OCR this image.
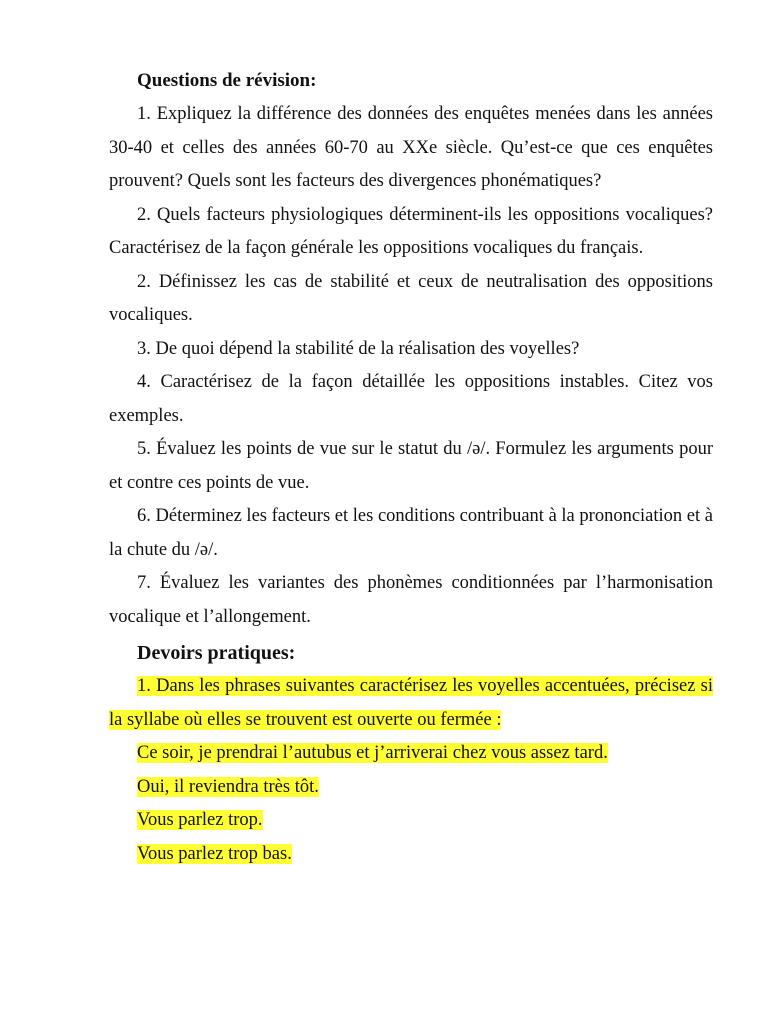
Questions de révision:

1. Expliquez la différence des données des enquêtes menées dans les années 30-40 et celles des années 60-70 au XXe siècle. Qu’est-ce que ces enquêtes prouvent? Quels sont les facteurs des divergences phonématiques?

2. Quels facteurs physiologiques déterminent-ils les oppositions vocaliques? Caractérisez de la façon générale les oppositions vocaliques du français.

2. Définissez les cas de stabilité et ceux de neutralisation des oppositions vocaliques.

3. De quoi dépend la stabilité de la réalisation des voyelles?

4. Caractérisez de la façon détaillée les oppositions instables. Citez vos exemples.

5. Évaluez les points de vue sur le statut du /ə/. Formulez les arguments pour et contre ces points de vue.

6. Déterminez les facteurs et les conditions contribuant à la prononciation et à la chute du /ə/.

7. Évaluez les variantes des phonèmes conditionnées par l’harmonisation vocalique et l’allongement.

Devoirs pratiques:

1. Dans les phrases suivantes caractérisez les voyelles accentuées, précisez si la syllabe où elles se trouvent est ouverte ou fermée :

Ce soir, je prendrai l’autubus et j’arriverai chez vous assez tard.

Oui, il reviendra très tôt.

Vous parlez trop.

Vous parlez trop bas.
